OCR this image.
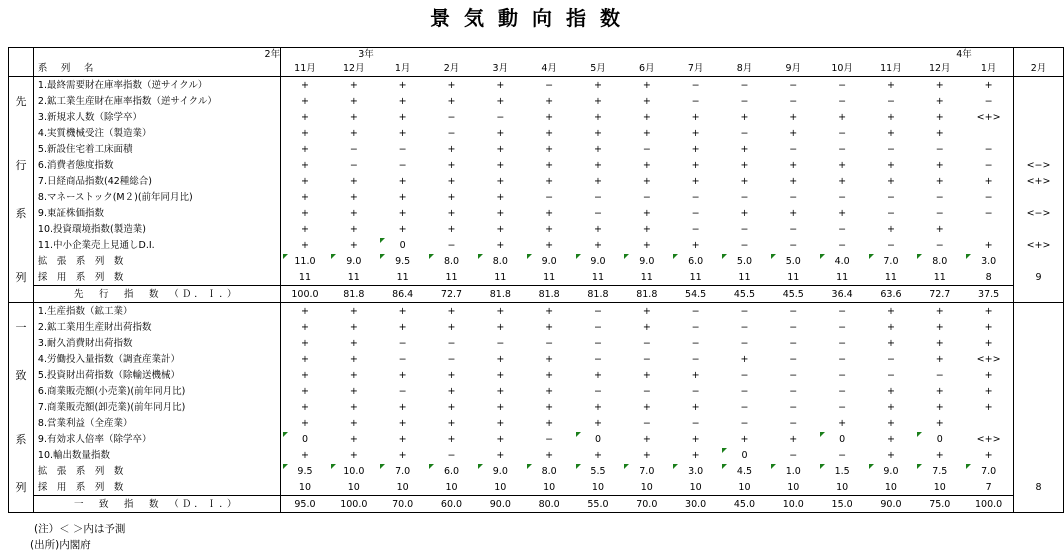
景気動向指数

		2年		3年												4年	

	系　列　名	11月	12月	1月	2月	3月	4月	5月	6月	7月	8月	9月	10月	11月	12月	1月	2月
	1.最終需要財在庫率指数（逆サイクル）	+	+	+	+	+	−	+	+	−	−	−	−	+	+	+	
先	2.鉱工業生産財在庫率指数（逆サイクル）	+	+	+	+	+	+	+	+	−	−	−	−	−	+	−	
	3.新規求人数（除学卒）	+	+	+	−	−	+	+	+	+	+	+	+	+	+	<+>	
	4.実質機械受注（製造業）	+	+	+	−	+	+	+	+	+	−	+	−	+	+		
	5.新設住宅着工床面積	+	−	−	+	+	+	+	−	+	+	−	−	−	−	−	
行	6.消費者態度指数	+	−	−	+	+	+	+	+	+	+	+	+	+	+	−	<−>
	7.日経商品指数(42種総合)	+	+	+	+	+	+	+	+	+	+	+	+	+	+	+	<+>
	8.マネーストック(M２)(前年同月比)	+	+	+	+	+	−	−	−	−	−	−	−	−	−	−	
系	9.東証株価指数	+	+	+	+	+	+	−	+	−	+	+	+	−	−	−	<−>
	10.投資環境指数(製造業)	+	+	+	+	+	+	+	+	−	−	−	−	+	+		
	11.中小企業売上見通しD.I.	+	+	0	−	+	+	+	+	+	−	−	−	−	−	+	<+>
	拡　張　系　列　数	11.0	9.0	9.5	8.0	8.0	9.0	9.0	9.0	6.0	5.0	5.0	4.0	7.0	8.0	3.0	
列	採　用　系　列　数	11	11	11	11	11	11	11	11	11	11	11	11	11	11	8	9
	先　行　指　数　（Ｄ．Ｉ．）	100.0	81.8	86.4	72.7	81.8	81.8	81.8	81.8	54.5	45.5	45.5	36.4	63.6	72.7	37.5	
	1.生産指数（鉱工業）	+	+	+	+	+	+	−	+	−	−	−	−	+	+	+	
一	2.鉱工業用生産財出荷指数	+	+	+	+	+	+	−	+	−	−	−	−	+	+	+	
	3.耐久消費財出荷指数	+	+	−	−	−	−	−	−	−	−	−	−	+	+	+	
	4.労働投入量指数（調査産業計）	+	+	−	−	+	+	−	−	−	+	−	−	−	+	<+>	
致	5.投資財出荷指数（除輸送機械）	+	+	+	+	+	+	+	+	+	−	−	−	−	−	+	
	6.商業販売額(小売業)(前年同月比)	+	+	−	+	+	+	−	−	−	−	−	−	+	+	+	
	7.商業販売額(卸売業)(前年同月比)	+	+	+	+	+	+	+	+	+	−	−	−	+	+	+	
	8.営業利益（全産業）	+	+	+	+	+	+	+	−	−	−	−	+	+	+		
系	9.有効求人倍率（除学卒）	0	+	+	+	+	−	0	+	+	+	+	0	+	0	<+>	
	10.輸出数量指数	+	+	+	−	+	+	+	+	+	0	−	−	+	+	+	
	拡　張　系　列　数	9.5	10.0	7.0	6.0	9.0	8.0	5.5	7.0	3.0	4.5	1.0	1.5	9.0	7.5	7.0	
列	採　用　系　列　数	10	10	10	10	10	10	10	10	10	10	10	10	10	10	7	8
	一　致　指　数　（Ｄ．Ｉ．）	95.0	100.0	70.0	60.0	90.0	80.0	55.0	70.0	30.0	45.0	10.0	15.0	90.0	75.0	100.0	
(注）＜ ＞内は予測
(出所)内閣府
